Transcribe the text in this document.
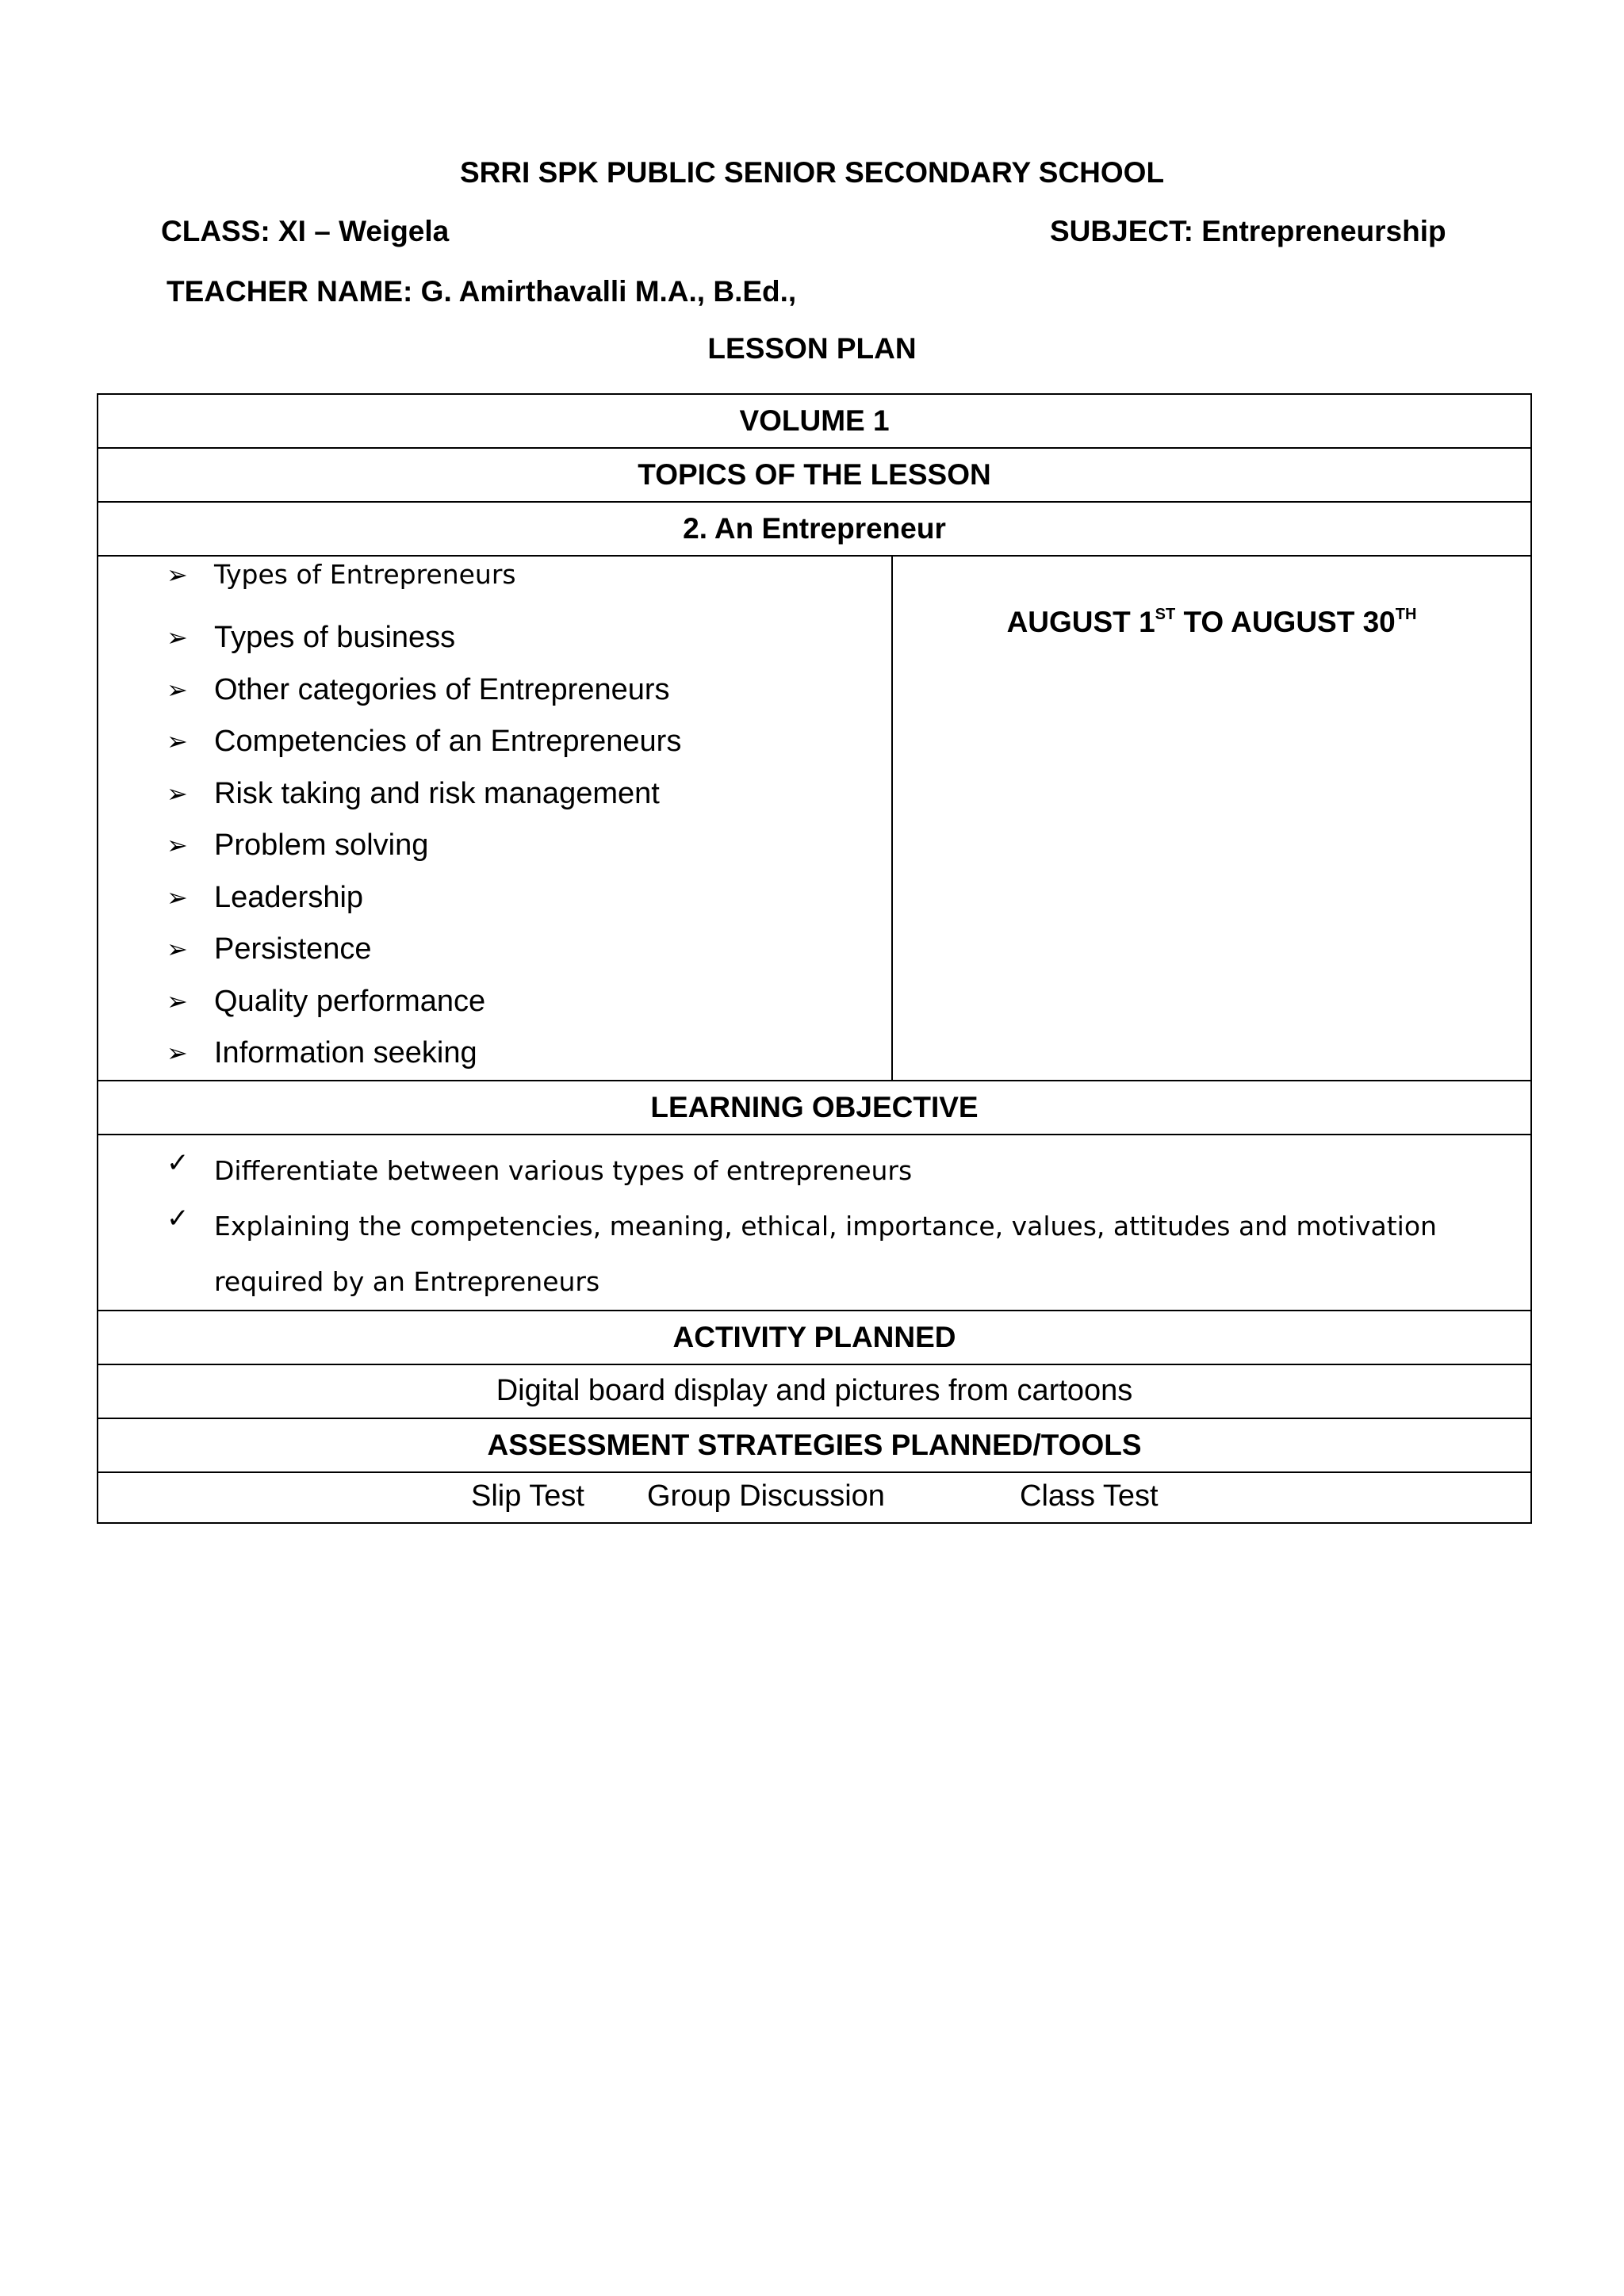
SRRI SPK PUBLIC SENIOR SECONDARY SCHOOL
CLASS: XI – Weigela	SUBJECT: Entrepreneurship
TEACHER NAME: G. Amirthavalli M.A., B.Ed.,
LESSON PLAN
VOLUME 1
TOPICS OF THE LESSON
2. An Entrepreneur

➢ Types of Entrepreneurs
➢ Types of business
➢ Other categories of Entrepreneurs
➢ Competencies of an Entrepreneurs
➢ Risk taking and risk management
➢ Problem solving
➢ Leadership
➢ Persistence
➢ Quality performance
➢ Information seeking
	AUGUST 1ST TO AUGUST 30TH
LEARNING OBJECTIVE

✓ Differentiate between various types of entrepreneurs
✓ Explaining the competencies, meaning, ethical, importance, values, attitudes and motivation required by an Entrepreneurs

ACTIVITY PLANNED
Digital board display and pictures from cartoons
ASSESSMENT STRATEGIES PLANNED/TOOLS

Slip Test Group Discussion	Class Test
